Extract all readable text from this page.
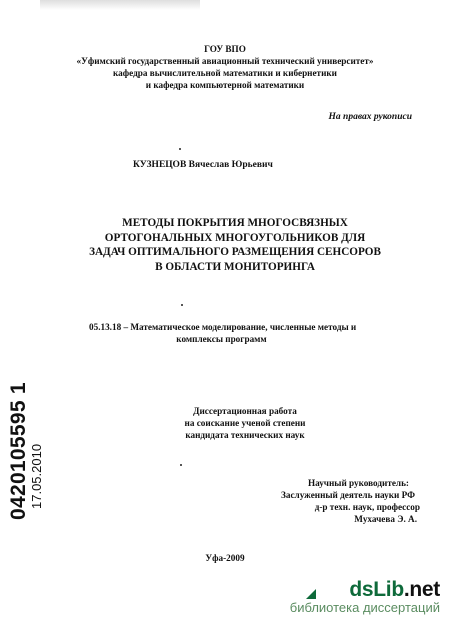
ГОУ ВПО
«Уфимский государственный авиационный технический университет»
кафедра вычислительной математики и кибернетики
и кафедра компьютерной математики
На правах рукописи
КУЗНЕЦОВ Вячеслав Юрьевич
МЕТОДЫ ПОКРЫТИЯ МНОГОСВЯЗНЫХ
ОРТОГОНАЛЬНЫХ МНОГОУГОЛЬНИКОВ ДЛЯ
ЗАДАЧ ОПТИМАЛЬНОГО РАЗМЕЩЕНИЯ СЕНСОРОВ
В ОБЛАСТИ МОНИТОРИНГА
05.13.18 – Математическое моделирование, численные методы и
комплексы программ
Диссертационная работа
на соискание ученой степени
кандидата технических наук
Научный руководитель:
Заслуженный деятель науки РФ
д-р техн. наук, профессор
Мухачева Э. А.
Уфа-2009
0420105595 1 17.05.2010
dsLib.net
библиотека диссертаций
